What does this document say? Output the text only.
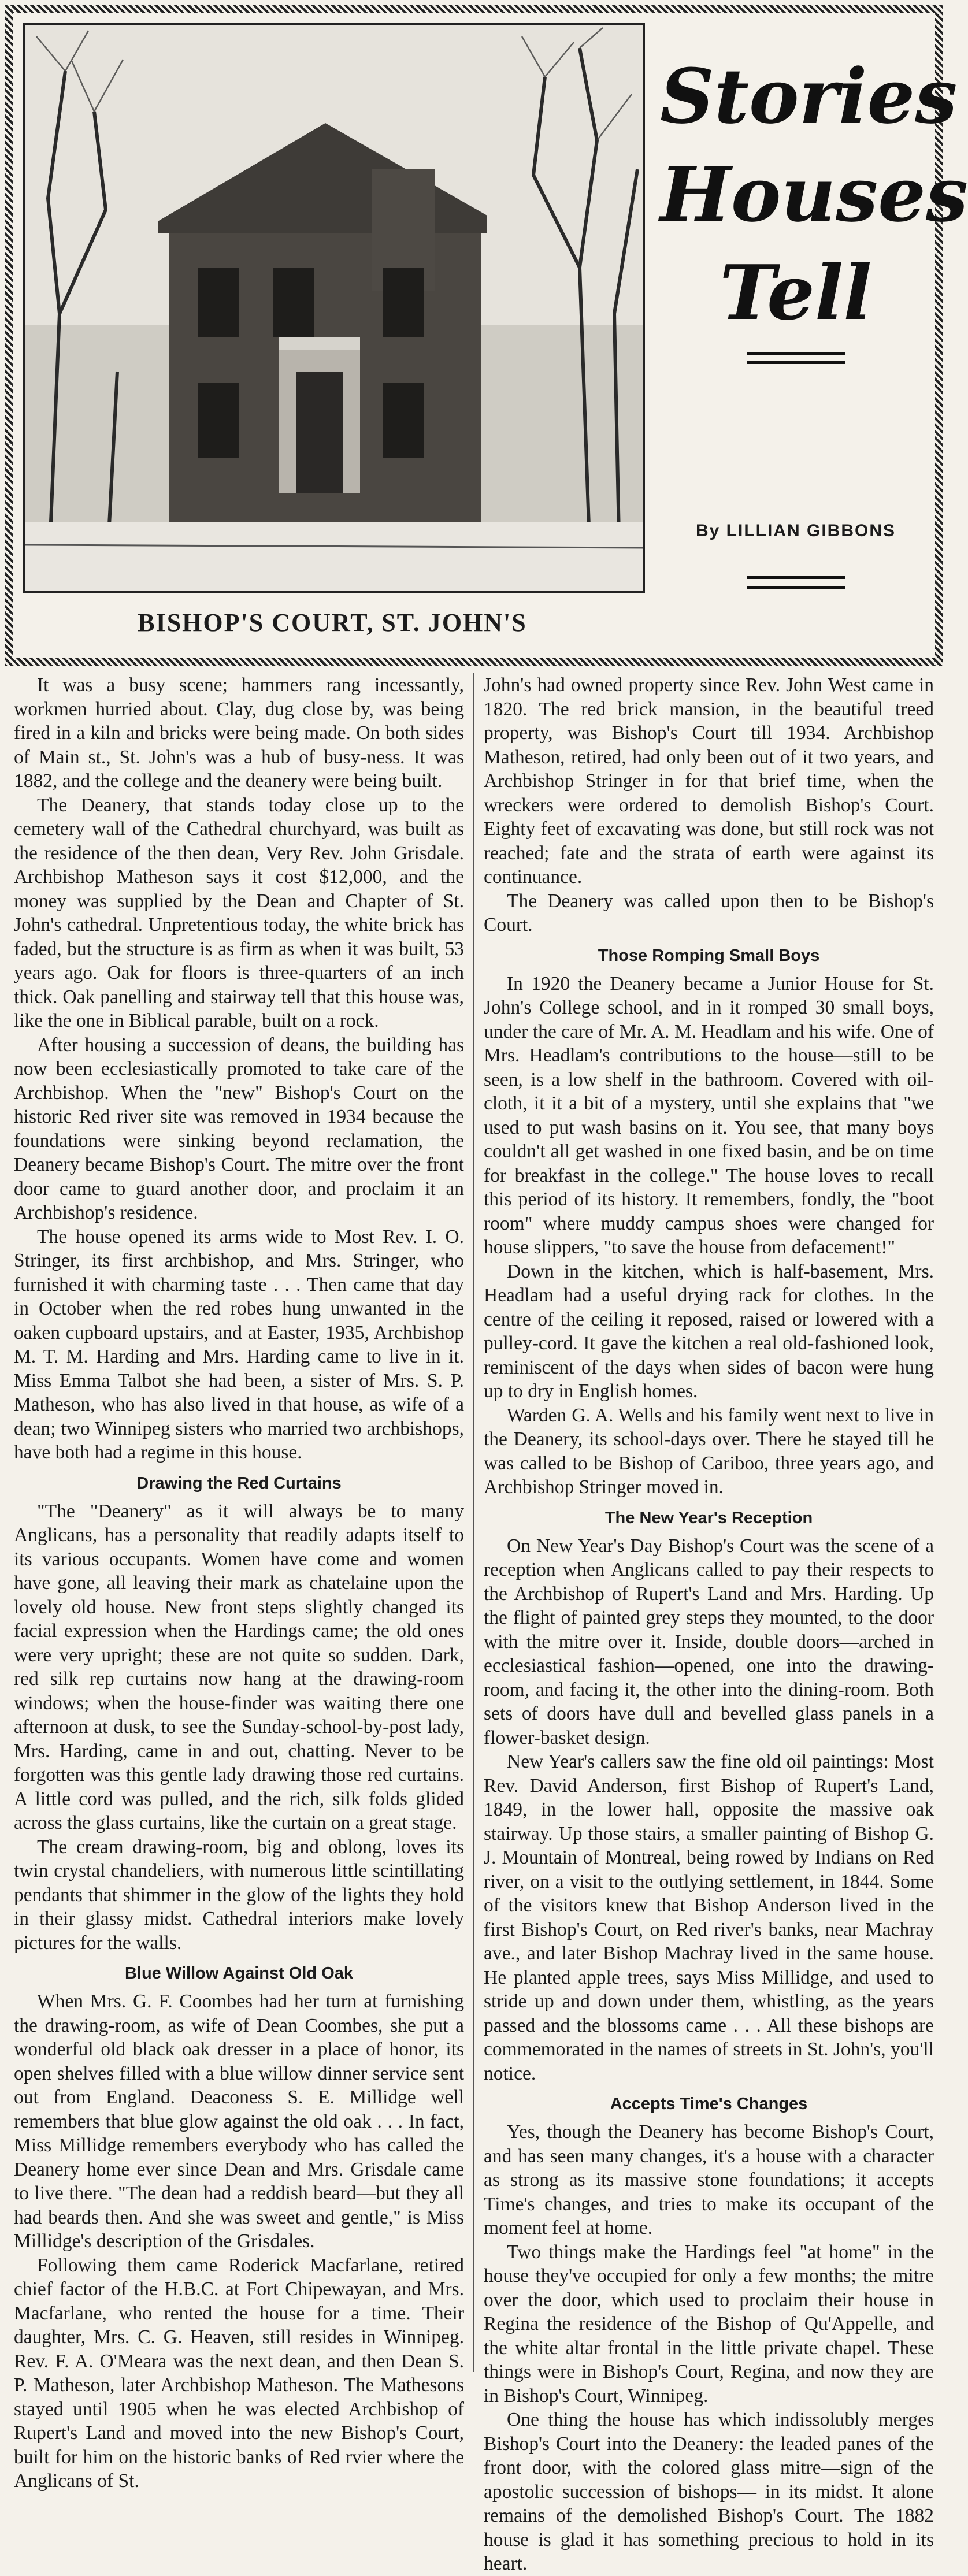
BISHOP'S COURT, ST. JOHN'S
Stories
Houses
Tell
By LILLIAN GIBBONS

It was a busy scene; hammers rang incessantly, workmen hurried about. Clay, dug close by, was being fired in a kiln and bricks were being made. On both sides of Main st., St. John's was a hub of busy-ness. It was 1882, and the college and the deanery were being built.

The Deanery, that stands today close up to the cemetery wall of the Cathedral churchyard, was built as the residence of the then dean, Very Rev. John Grisdale. Archbishop Matheson says it cost $12,000, and the money was supplied by the Dean and Chapter of St. John's cathedral. Unpretentious today, the white brick has faded, but the structure is as firm as when it was built, 53 years ago. Oak for floors is three-quarters of an inch thick. Oak panelling and stairway tell that this house was, like the one in Biblical parable, built on a rock.

After housing a succession of deans, the building has now been ecclesiastically promoted to take care of the Archbishop. When the "new" Bishop's Court on the historic Red river site was removed in 1934 because the foundations were sinking beyond reclamation, the Deanery became Bishop's Court. The mitre over the front door came to guard another door, and proclaim it an Archbishop's residence.

The house opened its arms wide to Most Rev. I. O. Stringer, its first archbishop, and Mrs. Stringer, who furnished it with charming taste . . . Then came that day in October when the red robes hung unwanted in the oaken cupboard upstairs, and at Easter, 1935, Archbishop M. T. M. Harding and Mrs. Harding came to live in it. Miss Emma Talbot she had been, a sister of Mrs. S. P. Matheson, who has also lived in that house, as wife of a dean; two Winnipeg sisters who married two archbishops, have both had a regime in this house.

Drawing the Red Curtains

"The "Deanery" as it will always be to many Anglicans, has a personality that readily adapts itself to its various occupants. Women have come and women have gone, all leaving their mark as chatelaine upon the lovely old house. New front steps slightly changed its facial expression when the Hardings came; the old ones were very upright; these are not quite so sudden. Dark, red silk rep curtains now hang at the drawing-room windows; when the house-finder was waiting there one afternoon at dusk, to see the Sunday-school-by-post lady, Mrs. Harding, came in and out, chatting. Never to be forgotten was this gentle lady drawing those red curtains. A little cord was pulled, and the rich, silk folds glided across the glass curtains, like the curtain on a great stage.

The cream drawing-room, big and oblong, loves its twin crystal chandeliers, with numerous little scintillating pendants that shimmer in the glow of the lights they hold in their glassy midst. Cathedral interiors make lovely pictures for the walls.

Blue Willow Against Old Oak

When Mrs. G. F. Coombes had her turn at furnishing the drawing-room, as wife of Dean Coombes, she put a wonderful old black oak dresser in a place of honor, its open shelves filled with a blue willow dinner service sent out from England. Deaconess S. E. Millidge well remembers that blue glow against the old oak . . . In fact, Miss Millidge remembers everybody who has called the Deanery home ever since Dean and Mrs. Grisdale came to live there. "The dean had a reddish beard—but they all had beards then. And she was sweet and gentle," is Miss Millidge's description of the Grisdales.

Following them came Roderick Macfarlane, retired chief factor of the H.B.C. at Fort Chipewayan, and Mrs. Macfarlane, who rented the house for a time. Their daughter, Mrs. C. G. Heaven, still resides in Winnipeg. Rev. F. A. O'Meara was the next dean, and then Dean S. P. Matheson, later Archbishop Matheson. The Mathesons stayed until 1905 when he was elected Archbishop of Rupert's Land and moved into the new Bishop's Court, built for him on the historic banks of Red rvier where the Anglicans of St.

John's had owned property since Rev. John West came in 1820. The red brick mansion, in the beautiful treed property, was Bishop's Court till 1934. Archbishop Matheson, retired, had only been out of it two years, and Archbishop Stringer in for that brief time, when the wreckers were ordered to demolish Bishop's Court. Eighty feet of excavating was done, but still rock was not reached; fate and the strata of earth were against its continuance.

The Deanery was called upon then to be Bishop's Court.

Those Romping Small Boys

In 1920 the Deanery became a Junior House for St. John's College school, and in it romped 30 small boys, under the care of Mr. A. M. Headlam and his wife. One of Mrs. Headlam's contributions to the house—still to be seen, is a low shelf in the bathroom. Covered with oil-cloth, it it a bit of a mystery, until she explains that "we used to put wash basins on it. You see, that many boys couldn't all get washed in one fixed basin, and be on time for breakfast in the college." The house loves to recall this period of its history. It remembers, fondly, the "boot room" where muddy campus shoes were changed for house slippers, "to save the house from defacement!"

Down in the kitchen, which is half-basement, Mrs. Headlam had a useful drying rack for clothes. In the centre of the ceiling it reposed, raised or lowered with a pulley-cord. It gave the kitchen a real old-fashioned look, reminiscent of the days when sides of bacon were hung up to dry in English homes.

Warden G. A. Wells and his family went next to live in the Deanery, its school-days over. There he stayed till he was called to be Bishop of Cariboo, three years ago, and Archbishop Stringer moved in.

The New Year's Reception

On New Year's Day Bishop's Court was the scene of a reception when Anglicans called to pay their respects to the Archbishop of Rupert's Land and Mrs. Harding. Up the flight of painted grey steps they mounted, to the door with the mitre over it. Inside, double doors—arched in ecclesiastical fashion—opened, one into the drawing-room, and facing it, the other into the dining-room. Both sets of doors have dull and bevelled glass panels in a flower-basket design.

New Year's callers saw the fine old oil paintings: Most Rev. David Anderson, first Bishop of Rupert's Land, 1849, in the lower hall, opposite the massive oak stairway. Up those stairs, a smaller painting of Bishop G. J. Mountain of Montreal, being rowed by Indians on Red river, on a visit to the outlying settlement, in 1844. Some of the visitors knew that Bishop Anderson lived in the first Bishop's Court, on Red river's banks, near Machray ave., and later Bishop Machray lived in the same house. He planted apple trees, says Miss Millidge, and used to stride up and down under them, whistling, as the years passed and the blossoms came . . . All these bishops are commemorated in the names of streets in St. John's, you'll notice.

Accepts Time's Changes

Yes, though the Deanery has become Bishop's Court, and has seen many changes, it's a house with a character as strong as its massive stone foundations; it accepts Time's changes, and tries to make its occupant of the moment feel at home.

Two things make the Hardings feel "at home" in the house they've occupied for only a few months; the mitre over the door, which used to proclaim their house in Regina the residence of the Bishop of Qu'Appelle, and the white altar frontal in the little private chapel. These things were in Bishop's Court, Regina, and now they are in Bishop's Court, Winnipeg.

One thing the house has which indissolubly merges Bishop's Court into the Deanery: the leaded panes of the front door, with the colored glass mitre—sign of the apostolic succession of bishops— in its midst. It alone remains of the demolished Bishop's Court. The 1882 house is glad it has something precious to hold in its heart.
